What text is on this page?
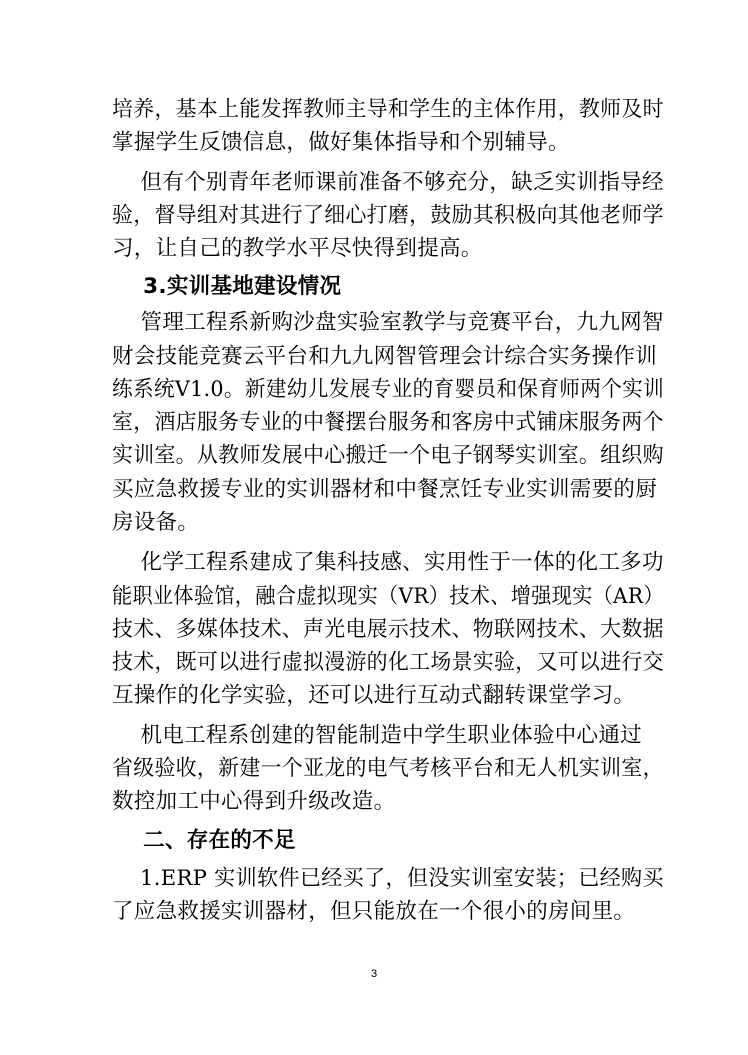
培养，基本上能发挥教师主导和学生的主体作用，教师及时
掌握学生反馈信息，做好集体指导和个别辅导。
但有个别青年老师课前准备不够充分，缺乏实训指导经
验，督导组对其进行了细心打磨，鼓励其积极向其他老师学
习，让自己的教学水平尽快得到提高。
3.实训基地建设情况
管理工程系新购沙盘实验室教学与竞赛平台，九九网智
财会技能竞赛云平台和九九网智管理会计综合实务操作训
练系统V1.0。新建幼儿发展专业的育婴员和保育师两个实训
室，酒店服务专业的中餐摆台服务和客房中式铺床服务两个
实训室。从教师发展中心搬迁一个电子钢琴实训室。组织购
买应急救援专业的实训器材和中餐烹饪专业实训需要的厨
房设备。
化学工程系建成了集科技感、实用性于一体的化工多功
能职业体验馆，融合虚拟现实（VR）技术、增强现实（AR）
技术、多媒体技术、声光电展示技术、物联网技术、大数据
技术，既可以进行虚拟漫游的化工场景实验，又可以进行交
互操作的化学实验，还可以进行互动式翻转课堂学习。
机电工程系创建的智能制造中学生职业体验中心通过
省级验收，新建一个亚龙的电气考核平台和无人机实训室，
数控加工中心得到升级改造。
二、存在的不足
1.ERP 实训软件已经买了，但没实训室安装；已经购买
了应急救援实训器材，但只能放在一个很小的房间里。
3
